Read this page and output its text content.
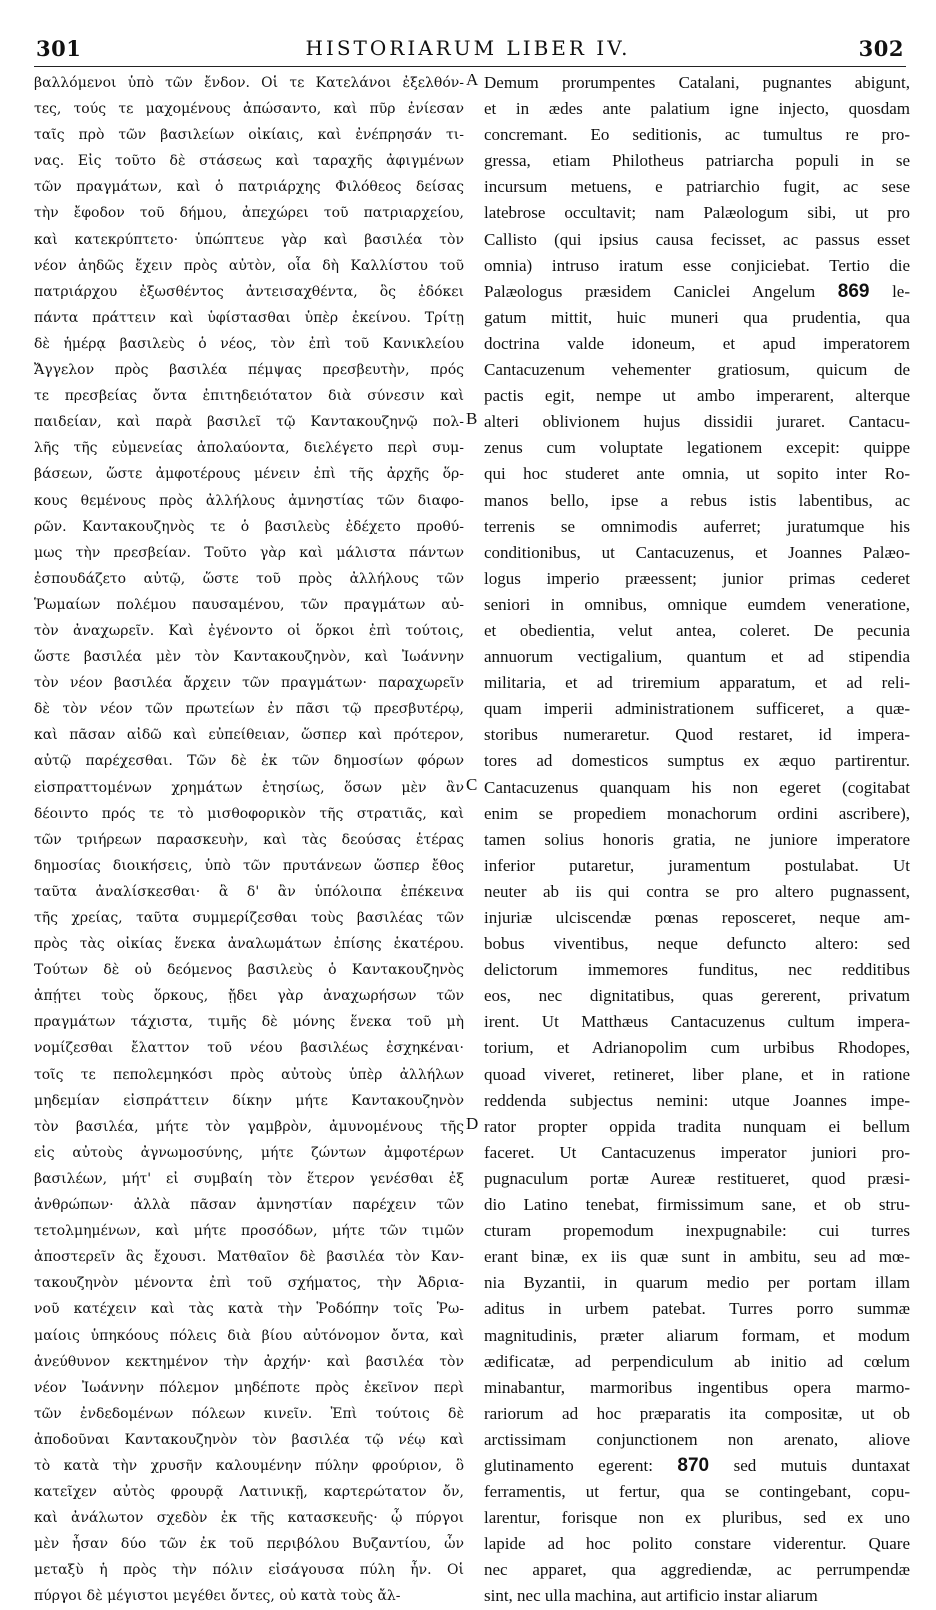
301	HISTORIARUM LIBER IV.	302
βαλλόμενοι ὑπὸ τῶν ἔνδον. Οἱ τε Κατελάνοι ἐξελθόν-
τες, τούς τε μαχομένους ἀπώσαντο, καὶ πῦρ ἐνίεσαν
ταῖς πρὸ τῶν βασιλείων οἰκίαις, καὶ ἐνέπρησάν τι-
νας. Εἰς τοῦτο δὲ στάσεως καὶ ταραχῆς ἀφιγμένων
τῶν πραγμάτων, καὶ ὁ πατριάρχης Φιλόθεος δείσας
τὴν ἔφοδον τοῦ δήμου, ἀπεχώρει τοῦ πατριαρχείου,
καὶ κατεκρύπτετο· ὑπώπτευε γὰρ καὶ βασιλέα τὸν
νέον ἀηδῶς ἔχειν πρὸς αὐτὸν, οἷα δὴ Καλλίστου τοῦ
πατριάρχου ἐξωσθέντος ἀντεισαχθέντα, ὃς ἐδόκει
πάντα πράττειν καὶ ὑφίστασθαι ὑπὲρ ἐκείνου. Τρίτῃ
δὲ ἡμέρᾳ βασιλεὺς ὁ νέος, τὸν ἐπὶ τοῦ Κανικλείου
Ἄγγελον πρὸς βασιλέα πέμψας πρεσβευτὴν, πρός
τε πρεσβείας ὄντα ἐπιτηδειότατον διὰ σύνεσιν καὶ
παιδείαν, καὶ παρὰ βασιλεῖ τῷ Καντακουζηνῷ πολ-
λῆς τῆς εὐμενείας ἀπολαύοντα, διελέγετο περὶ συμ-
βάσεων, ὥστε ἀμφοτέρους μένειν ἐπὶ τῆς ἀρχῆς ὅρ-
κους θεμένους πρὸς ἀλλήλους ἀμνηστίας τῶν διαφο-
ρῶν. Καντακουζηνὸς τε ὁ βασιλεὺς ἐδέχετο προθύ-
μως τὴν πρεσβείαν. Τοῦτο γὰρ καὶ μάλιστα πάντων
ἐσπουδάζετο αὐτῷ, ὥστε τοῦ πρὸς ἀλλήλους τῶν
Ῥωμαίων πολέμου παυσαμένου, τῶν πραγμάτων αὐ-
τὸν ἀναχωρεῖν. Καὶ ἐγένοντο οἱ ὅρκοι ἐπὶ τούτοις,
ὥστε βασιλέα μὲν τὸν Καντακουζηνὸν, καὶ Ἰωάννην
τὸν νέον βασιλέα ἄρχειν τῶν πραγμάτων· παραχωρεῖν
δὲ τὸν νέον τῶν πρωτείων ἐν πᾶσι τῷ πρεσβυτέρῳ,
καὶ πᾶσαν αἰδῶ καὶ εὐπείθειαν, ὥσπερ καὶ πρότερον,
αὐτῷ παρέχεσθαι. Τῶν δὲ ἐκ τῶν δημοσίων φόρων
εἰσπραττομένων χρημάτων ἐτησίως, ὅσων μὲν ἂν
δέοιντο πρός τε τὸ μισθοφορικὸν τῆς στρατιᾶς, καὶ
τῶν τριήρεων παρασκευὴν, καὶ τὰς δεούσας ἑτέρας
δημοσίας διοικήσεις, ὑπὸ τῶν πρυτάνεων ὥσπερ ἔθος
ταῦτα ἀναλίσκεσθαι· ἃ δ' ἂν ὑπόλοιπα ἐπέκεινα
τῆς χρείας, ταῦτα συμμερίζεσθαι τοὺς βασιλέας τῶν
πρὸς τὰς οἰκίας ἕνεκα ἀναλωμάτων ἐπίσης ἑκατέρου.
Τούτων δὲ οὐ δεόμενος βασιλεὺς ὁ Καντακουζηνὸς
ἀπῄτει τοὺς ὅρκους, ᾔδει γὰρ ἀναχωρήσων τῶν
πραγμάτων τάχιστα, τιμῆς δὲ μόνης ἕνεκα τοῦ μὴ
νομίζεσθαι ἔλαττον τοῦ νέου βασιλέως ἐσχηκέναι·
τοῖς τε πεπολεμηκόσι πρὸς αὐτοὺς ὑπὲρ ἀλλήλων
μηδεμίαν εἰσπράττειν δίκην μήτε Καντακουζηνὸν
τὸν βασιλέα, μήτε τὸν γαμβρὸν, ἀμυνομένους τῆς
εἰς αὐτοὺς ἀγνωμοσύνης, μήτε ζώντων ἀμφοτέρων
βασιλέων, μήτ' εἰ συμβαίη τὸν ἕτερον γενέσθαι ἐξ
ἀνθρώπων· ἀλλὰ πᾶσαν ἀμνηστίαν παρέχειν τῶν
τετολμημένων, καὶ μήτε προσόδων, μήτε τῶν τιμῶν
ἀποστερεῖν ἃς ἔχουσι. Ματθαῖον δὲ βασιλέα τὸν Καν-
τακουζηνὸν μένοντα ἐπὶ τοῦ σχήματος, τὴν Ἀδρια-
νοῦ κατέχειν καὶ τὰς κατὰ τὴν Ῥοδόπην τοῖς Ῥω-
μαίοις ὑπηκόους πόλεις διὰ βίου αὐτόνομον ὄντα, καὶ
ἀνεύθυνον κεκτημένον τὴν ἀρχήν· καὶ βασιλέα τὸν
νέον Ἰωάννην πόλεμον μηδέποτε πρὸς ἐκεῖνον περὶ
τῶν ἐνδεδομένων πόλεων κινεῖν. Ἐπὶ τούτοις δὲ
ἀποδοῦναι Καντακουζηνὸν τὸν βασιλέα τῷ νέῳ καὶ
τὸ κατὰ τὴν χρυσῆν καλουμένην πύλην φρούριον, ὃ
κατεῖχεν αὐτὸς φρουρᾷ Λατινικῇ, καρτερώτατον ὄν,
καὶ ἀνάλωτον σχεδὸν ἐκ τῆς κατασκευῆς· ᾧ πύργοι
μὲν ἦσαν δύο τῶν ἐκ τοῦ περιβόλου Βυζαντίου, ὧν
μεταξὺ ἡ πρὸς τὴν πόλιν εἰσάγουσα πύλη ἦν. Οἱ
πύργοι δὲ μέγιστοι μεγέθει ὄντες, οὐ κατὰ τοὺς ἄλ-
Demum prorumpentes Catalani, pugnantes abigunt,
et in ædes ante palatium igne injecto, quosdam
concremant. Eo seditionis, ac tumultus re pro-
gressa, etiam Philotheus patriarcha populi in se
incursum metuens, e patriarchio fugit, ac sese
latebrose occultavit; nam Palæologum sibi, ut pro
Callisto (qui ipsius causa fecisset, ac passus esset
omnia) intruso iratum esse conjiciebat. Tertio die
Palæologus præsidem Caniclei Angelum 869 le-
gatum mittit, huic muneri qua prudentia, qua
doctrina valde idoneum, et apud imperatorem
Cantacuzenum vehementer gratiosum, quicum de
pactis egit, nempe ut ambo imperarent, alterque
alteri oblivionem hujus dissidii juraret. Cantacu-
zenus cum voluptate legationem excepit: quippe
qui hoc studeret ante omnia, ut sopito inter Ro-
manos bello, ipse a rebus istis labentibus, ac
terrenis se omnimodis auferret; juratumque his
conditionibus, ut Cantacuzenus, et Joannes Palæo-
logus imperio præessent; junior primas cederet
seniori in omnibus, omnique eumdem veneratione,
et obedientia, velut antea, coleret. De pecunia
annuorum vectigalium, quantum et ad stipendia
militaria, et ad triremium apparatum, et ad reli-
quam imperii administrationem sufficeret, a quæ-
storibus numeraretur. Quod restaret, id impera-
tores ad domesticos sumptus ex æquo partirentur.
Cantacuzenus quanquam his non egeret (cogitabat
enim se propediem monachorum ordini ascribere),
tamen solius honoris gratia, ne juniore imperatore
inferior putaretur, juramentum postulabat. Ut
neuter ab iis qui contra se pro altero pugnassent,
injuriæ ulciscendæ pœnas reposceret, neque am-
bobus viventibus, neque defuncto altero: sed
delictorum immemores funditus, nec redditibus
eos, nec dignitatibus, quas gererent, privatum
irent. Ut Matthæus Cantacuzenus cultum impera-
torium, et Adrianopolim cum urbibus Rhodopes,
quoad viveret, retineret, liber plane, et in ratione
reddenda subjectus nemini: utque Joannes impe-
rator propter oppida tradita nunquam ei bellum
faceret. Ut Cantacuzenus imperator juniori pro-
pugnaculum portæ Aureæ restitueret, quod præsi-
dio Latino tenebat, firmissimum sane, et ob stru-
cturam propemodum inexpugnabile: cui turres
erant binæ, ex iis quæ sunt in ambitu, seu ad mœ-
nia Byzantii, in quarum medio per portam illam
aditus in urbem patebat. Turres porro summæ
magnitudinis, præter aliarum formam, et modum
ædificatæ, ad perpendiculum ab initio ad cœlum
minabantur, marmoribus ingentibus opera marmo-
rariorum ad hoc præparatis ita compositæ, ut ob
arctissimam conjunctionem non arenato, aliove
glutinamento egerent: 870 sed mutuis duntaxat
ferramentis, ut fertur, qua se contingebant, copu-
larentur, forisque non ex pluribus, sed ex uno
lapide ad hoc polito constare viderentur. Quare
nec apparet, qua aggrediendæ, ac perrumpendæ
sint, nec ulla machina, aut artificio instar aliarum
A
B
C
D
